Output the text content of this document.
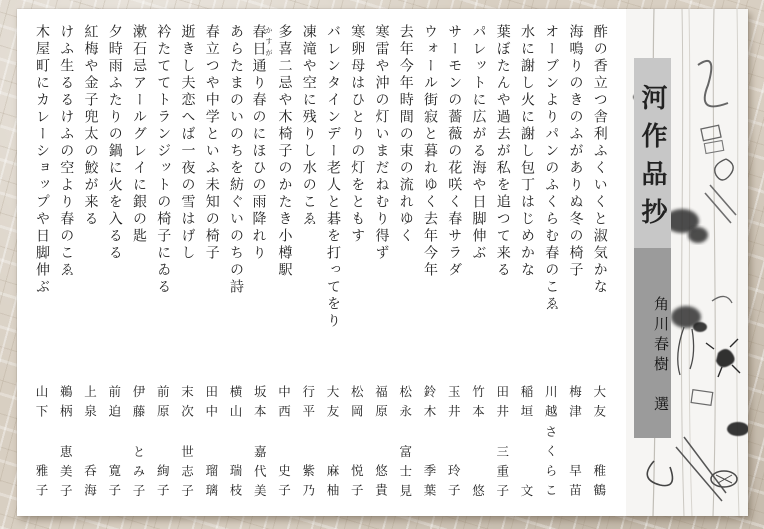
酢の香立つ舎利ふくいくと淑気かな
大友
稚鶴
海鳴りのきのふがありぬ冬の椅子
梅津
早苗
オーブンよりパンのふくらむ春のこゑ
川越
さくらこ
水に謝し火に謝し包丁はじめかな
稲垣
文
葉ぼたんや過去が私を追つて来る
田井
三重子
パレットに広がる海や日脚伸ぶ
竹本
悠
サーモンの薔薇の花咲く春サラダ
玉井
玲子
ウォール街寂と暮れゆく去年今年
鈴木
季葉
去年今年時間の束の流れゆく
松永
富士見
寒雷や沖の灯いまだねむり得ず
福原
悠貴
寒卵母はひとりの灯をともす
松岡
悦子
バレンタインデー老人と碁を打ってをり
大友
麻柚
凍滝や空に残りし水のこゑ
行平
紫乃
多喜二忌や木椅子のかたき小樽駅
中西
史子
春日 かすが通り春のにほひの雨降れり
坂本
嘉代美
あらたまのいのちを紡ぐいのちの詩
横山
瑞枝
春立つや中学といふ未知の椅子
田中
瑠璃
逝きし夫恋へば一夜の雪はげし
末次
世志子
衿たててトランジットの椅子にゐる
前原
絢子
漱石忌アールグレイに銀の匙
伊藤
とみ子
夕時雨ふたりの鍋に火を入るる
前迫
寛子
紅梅や金子兜太の鮫が来る
上泉
呑海
けふ生るるけふの空より春のこゑ
鵜柄
恵美子
木屋町にカレーショップや日脚伸ぶ
山下
雅子
河作品抄
角川春樹　選
